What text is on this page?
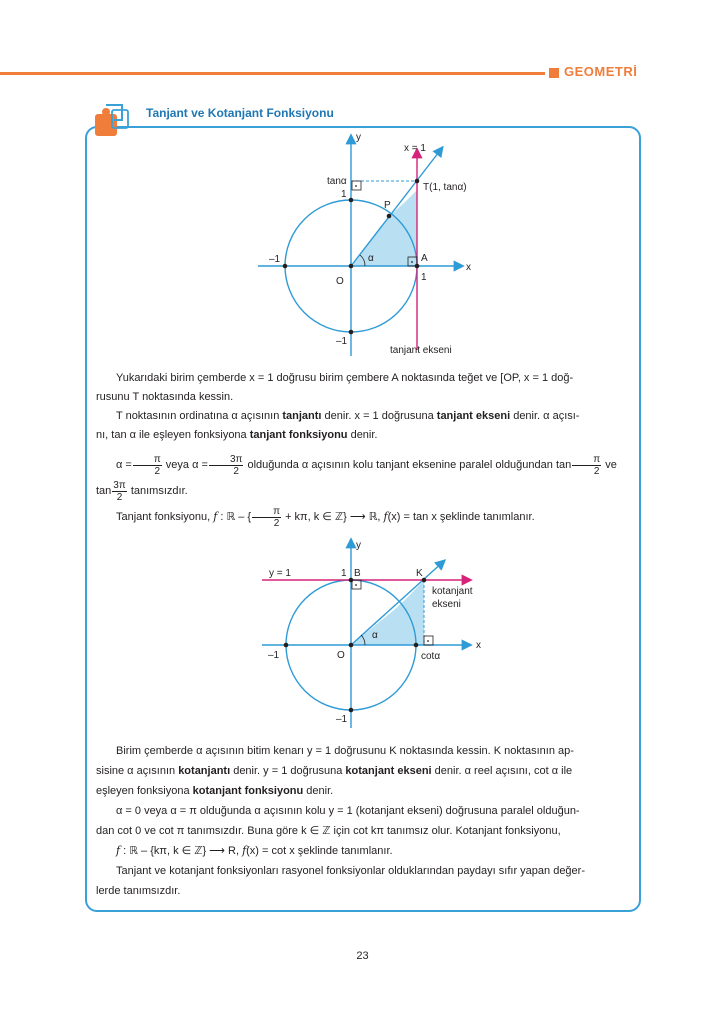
GEOMETRİ
Tanjant ve Kotanjant Fonksiyonu
y
x
x = 1
tanα
1
T(1, tanα)
P
A
–1	α
O	1
–1
tanjant ekseni

Yukarıdaki birim çemberde x = 1 doğrusu birim çembere A noktasında teğet ve [OP, x = 1 doğ-

rusunu T noktasında kessin.

T noktasının ordinatına α açısının tanjantı denir. x = 1 doğrusuna tanjant ekseni denir. α açısı-

nı, tan α ile eşleyen fonksiyona tanjant fonksiyonu denir.

$\alpha = \frac{\pi}{2}$ veya $\alpha = \frac{3\pi}{2}$ olduğunda α açısının kolu tanjant eksenine paralel olduğundan $\tan \frac{\pi}{2}$ ve

$\tan \frac{3\pi}{2}$ tanımsızdır.

Tanjant fonksiyonu, f : ℝ – { $\frac{\pi}{2} + k\pi$, k ∈ ℤ} ⟶ ℝ, f(x) = tan x şeklinde tanımlanır.

y
x
y = 1	1 B	K
kotanjant
ekseni
α
–1	O	cotα
–1

Birim çemberde α açısının bitim kenarı y = 1 doğrusunu K noktasında kessin. K noktasının ap-

sisine α açısının kotanjantı denir. y = 1 doğrusuna kotanjant ekseni denir. α reel açısını, cot α ile

eşleyen fonksiyona kotanjant fonksiyonu denir.

α = 0 veya α = π olduğunda α açısının kolu y = 1 (kotanjant ekseni) doğrusuna paralel olduğun-

dan cot 0 ve cot π tanımsızdır. Buna göre k ∈ ℤ için cot kπ tanımsız olur. Kotanjant fonksiyonu,

f : ℝ – {kπ, k ∈ ℤ} ⟶ R, f(x) = cot x şeklinde tanımlanır.

Tanjant ve kotanjant fonksiyonları rasyonel fonksiyonlar olduklarından paydayı sıfır yapan değer-

lerde tanımsızdır.

23
